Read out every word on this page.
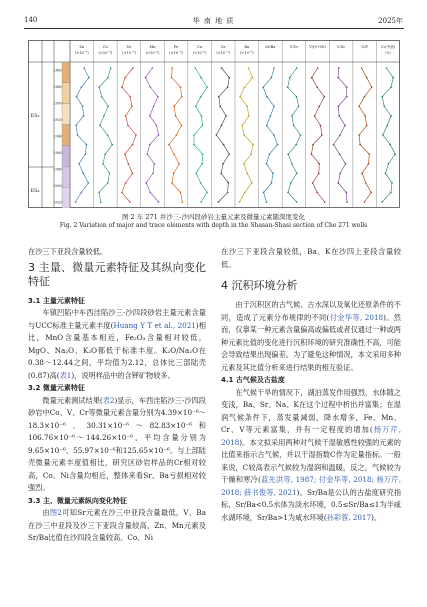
140	华 南 地 质	2025年
ES₃
ES₄
2860
2880
2900
2920
2940
2960
2980
3000
3020
Zn
(×10⁻⁶)
Co
(×10⁻⁶)
Ni
(×10⁻⁶)
Mn
(×10⁻⁶)
Fe
(×10⁻⁶)
Cu
(×10⁻⁶)
Sr
(×10⁻⁶)
Ba
(×10⁻⁶)
Sr/Ba	V/Cr	V/(V+Ni)	V/Sc	C/P	C₂(中值)
（%）
图 2 车 271 井沙三-沙四段砂岩主量元素及微量元素随深度变化
Fig. 2 Variation of major and trace elements with depth in the Shasan-Shasi section of Che 271 wells

在沙三下亚段含量较低。

3 主量、微量元素特征及其纵向变化特征

3.1 主量元素特征

车镇凹陷中车西洼陷沙三-沙四段砂岩主量元素含量与UCC标准主量元素丰度(Huang Y T et al., 2021)相比，MnO含量基本相近，Fe₂O₃含量相对较低，MgO、Na₂O、K₂O都低于标准丰度。K₂O/Na₂O在0.38～12.44之间，平均值为2.12，总体比三部陆壳(0.87)高(表1)，说明样品中的含钾矿物较多。

3.2 微量元素特征

微量元素测试结果(表2)显示，车西洼陷沙三-沙四段砂岩中Co、V、Cr等微量元素含量分别为4.39×10⁻⁶～18.3×10⁻⁶、30.31×10⁻⁶～82.83×10⁻⁶和106.76×10⁻⁶～144.26×10⁻⁶，平均含量分别为9.65×10⁻⁶、55.97×10⁻⁶和125.65×10⁻⁶。与上部陆壳微量元素丰度值相比，研究区砂岩样品的Cr相对较高，Co、Ni含量均相近，整体来看Sr、Ba亏损相对较强烈。

3.3 主、微量元素纵向变化特征

由图2可知Sr元素在沙三中亚段含量最低，V、Ba在沙三中亚段及沙三下亚段含量较高，Zn、Mn元素及Sr/Ba比值在沙四段含量较高。Co、Ni

在沙三下亚段含量较低，Ba、K在沙四上亚段含量较低。

4 沉积环境分析

由于沉积区的古气候、古水深以及氧化还原条件的不同，造成了元素分布规律的不同(付金华等, 2018)。然而，仅靠某一种元素含量偏高或偏低或者仅通过一种或两种元素比值的变化进行沉积环境的研究准确性不高，可能会导致结果出现偏差。为了避免这种情况，本文采用多种元素及其比值分析来进行结果的相互验证。

4.1 古气候及古盐度

在气候干旱的情况下，湖泊蒸发作用强烈，水体随之变浅，Ba、Sr、Na、K在这个过程中析出并富集；在湿润气候条件下，蒸发量减弱，降水增多，Fe、Mn、Cr、V等元素富集，并有一定程度的增加(杨万芹, 2018)。本文拟采用两种对气候干湿敏感性较强的元素的比值来指示古气候，并以干湿指数C作为定量指标。一般来说，C较高表示气候较为湿润和温暖，反之，气候较为干燥和寒冷(蓝先洪等, 1987; 付金华等, 2018; 杨万芹, 2018; 薛书俊等, 2021)。Sr/Ba是公认的古盐度研究指标，Sr/Ba<0.5水体为淡水环境，0.5≤Sr/Ba≤1为半咸水湖环境，Sr/Ba>1为咸水环境(孙彩蓉, 2017)。
